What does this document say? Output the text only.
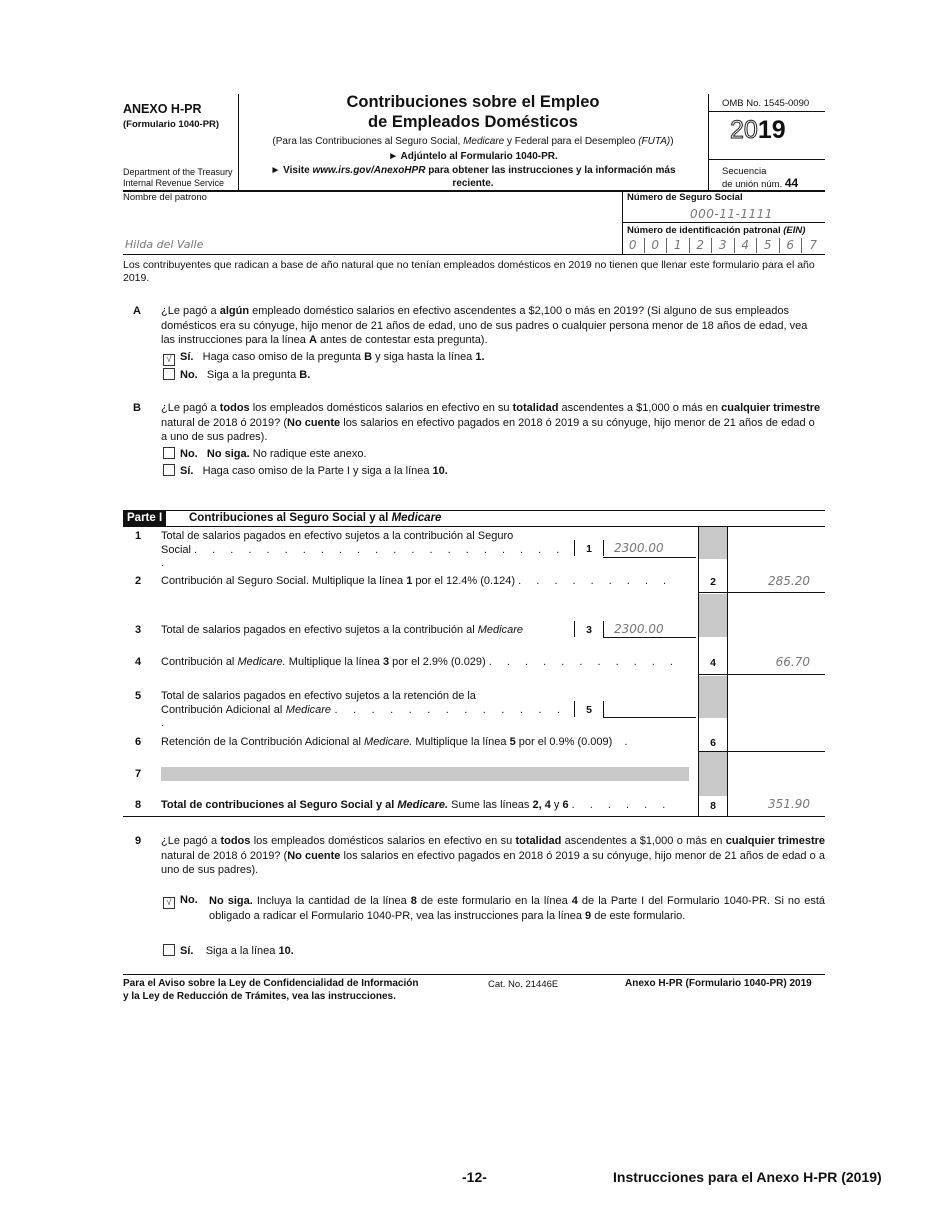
ANEXO H-PR
(Formulario 1040-PR)
Department of the Treasury
Internal Revenue Service
Contribuciones sobre el Empleo
de Empleados Domésticos
(Para las Contribuciones al Seguro Social, Medicare y Federal para el Desempleo (FUTA))
► Adjúntelo al Formulario 1040-PR.
► Visite www.irs.gov/AnexoHPR para obtener las instrucciones y la información más reciente.
OMB No. 1545-0090
2019
Secuencia
de unión núm. 44
Nombre del patrono
Hilda del Valle
Número de Seguro Social
000-11-1111
Número de identificación patronal (EIN)
0	0	1	2	3	4	5	6	7
Los contribuyentes que radican a base de año natural que no tenían empleados domésticos en 2019 no tienen que llenar este formulario para el año 2019.
A ¿Le pagó a algún empleado doméstico salarios en efectivo ascendentes a $2,100 o más en 2019? (Si alguno de sus empleados domésticos era su cónyuge, hijo menor de 21 años de edad, uno de sus padres o cualquier persona menor de 18 años de edad, vea las instrucciones para la línea A antes de contestar esta pregunta).
√ Sí. Haga caso omiso de la pregunta B y siga hasta la línea 1.
No. Siga a la pregunta B.
B ¿Le pagó a todos los empleados domésticos salarios en efectivo en su totalidad ascendentes a $1,000 o más en cualquier trimestre natural de 2018 ó 2019? (No cuente los salarios en efectivo pagados en 2018 ó 2019 a su cónyuge, hijo menor de 21 años de edad o a uno de sus padres).
No. No siga. No radique este anexo.
Sí. Haga caso omiso de la Parte I y siga a la línea 10.
Parte I	Contribuciones al Seguro Social y al Medicare
1 Total de salarios pagados en efectivo sujetos a la contribución al Seguro
Social . . . . . . . . . . . . . . . . . . . . . .
1	2300.00
2 Contribución al Seguro Social. Multiplique la línea 1 por el 12.4% (0.124) . . . . . . . . .	2	285.20
3 Total de salarios pagados en efectivo sujetos a la contribución al Medicare	3	2300.00
4 Contribución al Medicare. Multiplique la línea 3 por el 2.9% (0.029) . . . . . . . . . . .	4	66.70
5 Total de salarios pagados en efectivo sujetos a la retención de la
Contribución Adicional al Medicare . . . . . . . . . . . . . .
5
6 Retención de la Contribución Adicional al Medicare. Multiplique la línea 5 por el 0.9% (0.009)  .	6
7
8 Total de contribuciones al Seguro Social y al Medicare. Sume las líneas 2, 4 y 6 . . . . . .	8	351.90
9 ¿Le pagó a todos los empleados domésticos salarios en efectivo en su totalidad ascendentes a $1,000 o más en cualquier trimestre natural de 2018 ó 2019? (No cuente los salarios en efectivo pagados en 2018 ó 2019 a su cónyuge, hijo menor de 21 años de edad o a uno de sus padres).
√ No. No siga. Incluya la cantidad de la línea 8 de este formulario en la línea 4 de la Parte I del Formulario 1040-PR. Si no está obligado a radicar el Formulario 1040-PR, vea las instrucciones para la línea 9 de este formulario.
Sí. Siga a la línea 10.
Para el Aviso sobre la Ley de Confidencialidad de Información
y la Ley de Reducción de Trámites, vea las instrucciones.
Cat. No. 21446E	Anexo H-PR (Formulario 1040-PR) 2019
-12-	Instrucciones para el Anexo H-PR (2019)
